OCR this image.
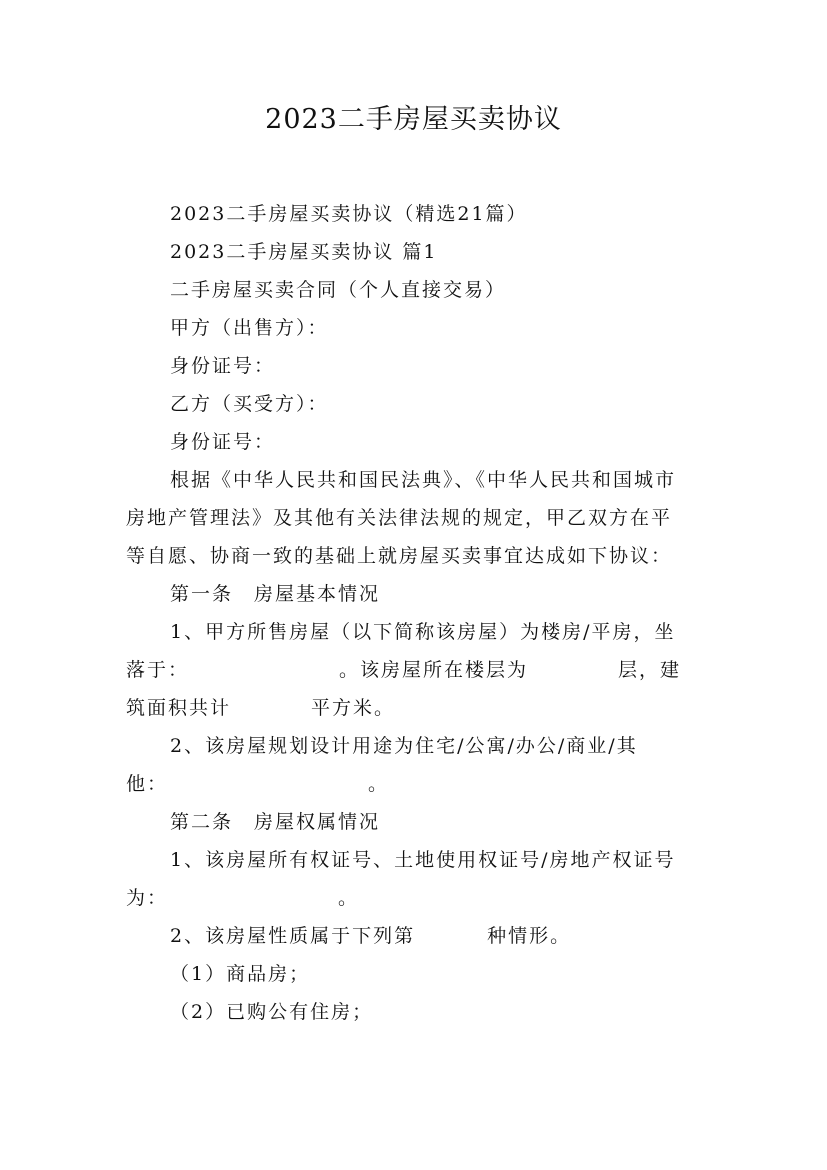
2023二手房屋买卖协议

2023二手房屋买卖协议（精选21篇）

2023二手房屋买卖协议 篇1

二手房屋买卖合同（个人直接交易）

甲方（出售方）：

身份证号：

乙方（买受方）：

身份证号：

根据《中华人民共和国民法典》、《中华人民共和国城市

房地产管理法》及其他有关法律法规的规定，甲乙双方在平

等自愿、协商一致的基础上就房屋买卖事宜达成如下协议：

第一条　房屋基本情况

1、甲方所售房屋（以下简称该房屋）为楼房/平房，坐

落于：	。该房屋所在楼层为	层，建

筑面积共计	平方米。

2、该房屋规划设计用途为住宅/公寓/办公/商业/其

他：	。

第二条　房屋权属情况

1、该房屋所有权证号、土地使用权证号/房地产权证号

为：	。

2、该房屋性质属于下列第	种情形。

（1）商品房；

（2）已购公有住房；
